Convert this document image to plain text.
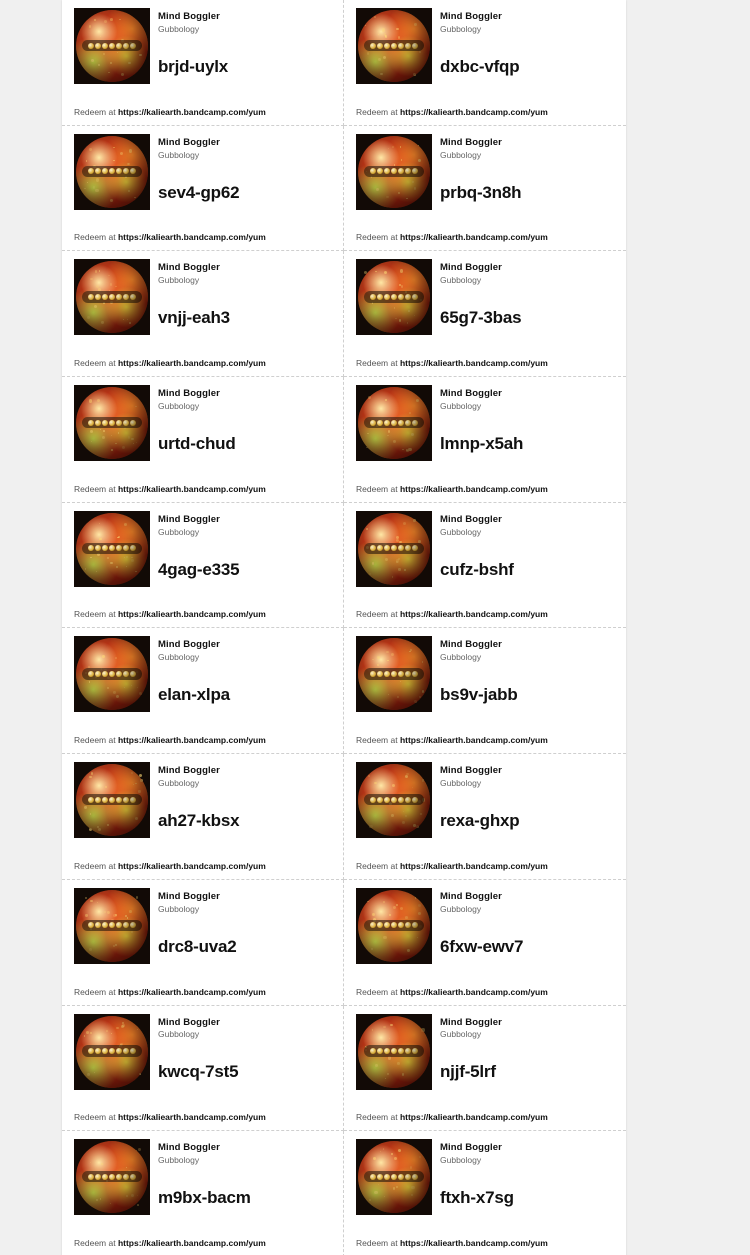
Mind Boggler
Gubbology
brjd-uylx
Redeem at https://kaliearth.bandcamp.com/yum
Mind Boggler
Gubbology
dxbc-vfqp
Redeem at https://kaliearth.bandcamp.com/yum
Mind Boggler
Gubbology
sev4-gp62
Redeem at https://kaliearth.bandcamp.com/yum
Mind Boggler
Gubbology
prbq-3n8h
Redeem at https://kaliearth.bandcamp.com/yum
Mind Boggler
Gubbology
vnjj-eah3
Redeem at https://kaliearth.bandcamp.com/yum
Mind Boggler
Gubbology
65g7-3bas
Redeem at https://kaliearth.bandcamp.com/yum
Mind Boggler
Gubbology
urtd-chud
Redeem at https://kaliearth.bandcamp.com/yum
Mind Boggler
Gubbology
lmnp-x5ah
Redeem at https://kaliearth.bandcamp.com/yum
Mind Boggler
Gubbology
4gag-e335
Redeem at https://kaliearth.bandcamp.com/yum
Mind Boggler
Gubbology
cufz-bshf
Redeem at https://kaliearth.bandcamp.com/yum
Mind Boggler
Gubbology
elan-xlpa
Redeem at https://kaliearth.bandcamp.com/yum
Mind Boggler
Gubbology
bs9v-jabb
Redeem at https://kaliearth.bandcamp.com/yum
Mind Boggler
Gubbology
ah27-kbsx
Redeem at https://kaliearth.bandcamp.com/yum
Mind Boggler
Gubbology
rexa-ghxp
Redeem at https://kaliearth.bandcamp.com/yum
Mind Boggler
Gubbology
drc8-uva2
Redeem at https://kaliearth.bandcamp.com/yum
Mind Boggler
Gubbology
6fxw-ewv7
Redeem at https://kaliearth.bandcamp.com/yum
Mind Boggler
Gubbology
kwcq-7st5
Redeem at https://kaliearth.bandcamp.com/yum
Mind Boggler
Gubbology
njjf-5lrf
Redeem at https://kaliearth.bandcamp.com/yum
Mind Boggler
Gubbology
m9bx-bacm
Redeem at https://kaliearth.bandcamp.com/yum
Mind Boggler
Gubbology
ftxh-x7sg
Redeem at https://kaliearth.bandcamp.com/yum
